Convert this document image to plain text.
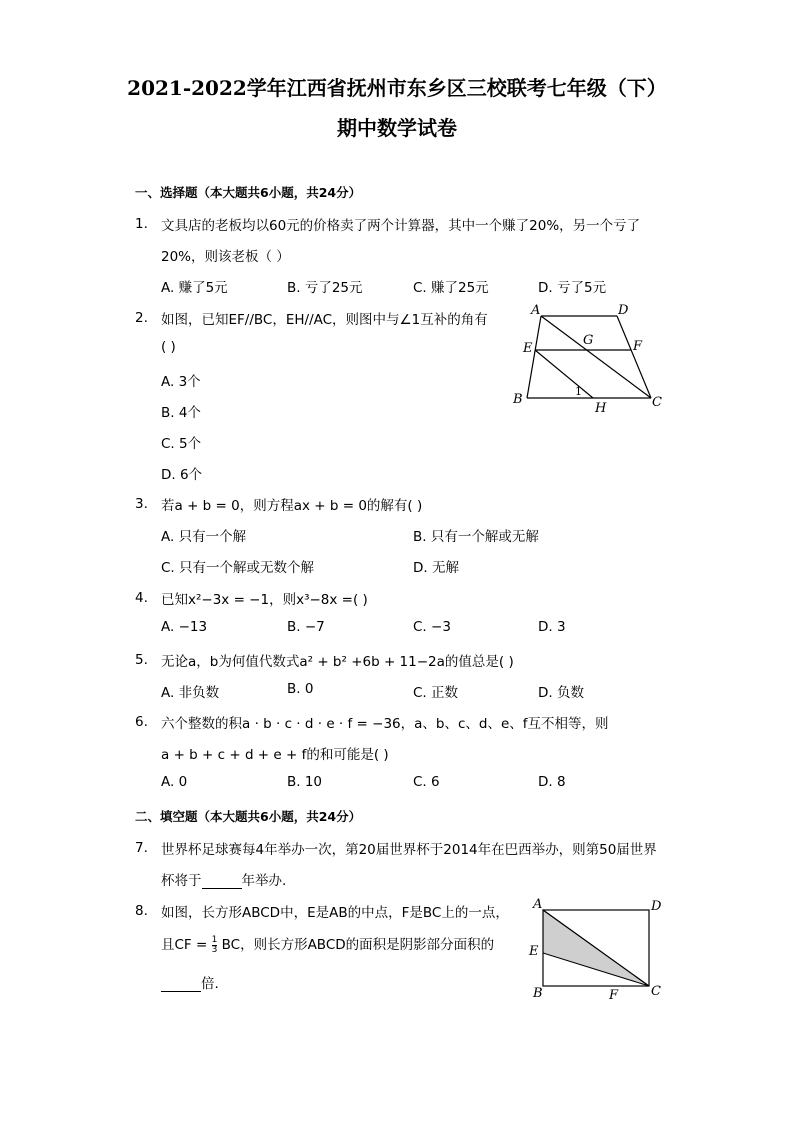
2021-2022学年江西省抚州市东乡区三校联考七年级（下）
期中数学试卷
一、选择题（本大题共6小题，共24分）
1. 文具店的老板均以60元的价格卖了两个计算器，其中一个赚了20%，另一个亏了
20%，则该老板（ ）
A. 赚了5元	B. 亏了25元	C. 赚了25元	D. 亏了5元
2. 如图，已知EF//BC，EH//AC，则图中与∠1互补的角有
( )
A. 3个
B. 4个
C. 5个
D. 6个
A	D
E
G	F
B
H	C
1
3. 若a + b = 0，则方程ax + b = 0的解有( )
A. 只有一个解	B. 只有一个解或无解
C. 只有一个解或无数个解	D. 无解
4. 已知x²−3x = −1，则x³−8x =( )
A. −13	B. −7	C. −3	D. 3
5. 无论a，b为何值代数式a² + b² +6b + 11−2a的值总是( )
A. 非负数	B. 0	C. 正数	D. 负数
6. 六个整数的积a · b · c · d · e · f = −36，a、b、c、d、e、f互不相等，则
a + b + c + d + e + f的和可能是( )
A. 0	B. 10	C. 6	D. 8
二、填空题（本大题共6小题，共24分）
7. 世界杯足球赛每4年举办一次，第20届世界杯于2014年在巴西举办，则第50届世界
杯将于	年举办.
8. 如图，长方形ABCD中，E是AB的中点，F是BC上的一点，
且CF = $\frac{1}{3}$ BC，则长方形ABCD的面积是阴影部分面积的
倍.
A	D
E
B	F	C
